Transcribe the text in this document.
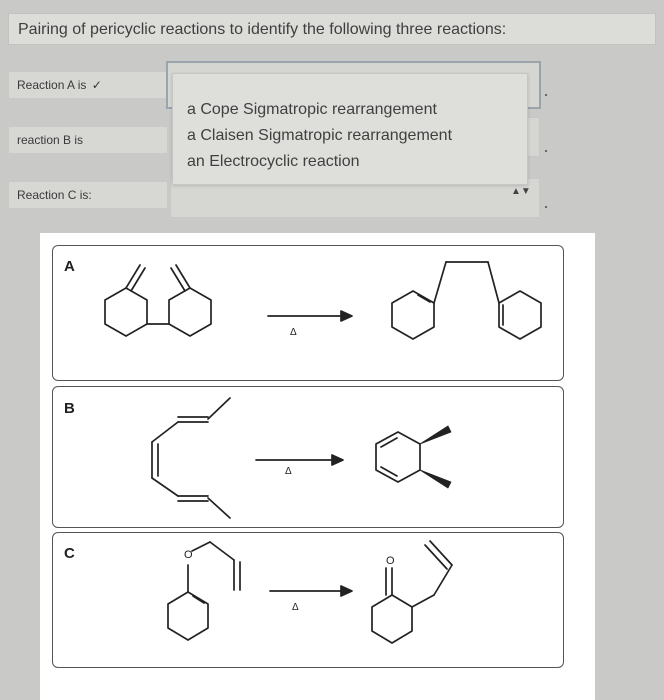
Pairing of pericyclic reactions to identify the following three reactions:
Reaction A is ✓
reaction B is
Reaction C is:	▲▼
a Cope Sigmatropic rearrangement
a Claisen Sigmatropic rearrangement
an Electrocyclic reaction
A
B
C
Δ
Δ
Δ
O	O
